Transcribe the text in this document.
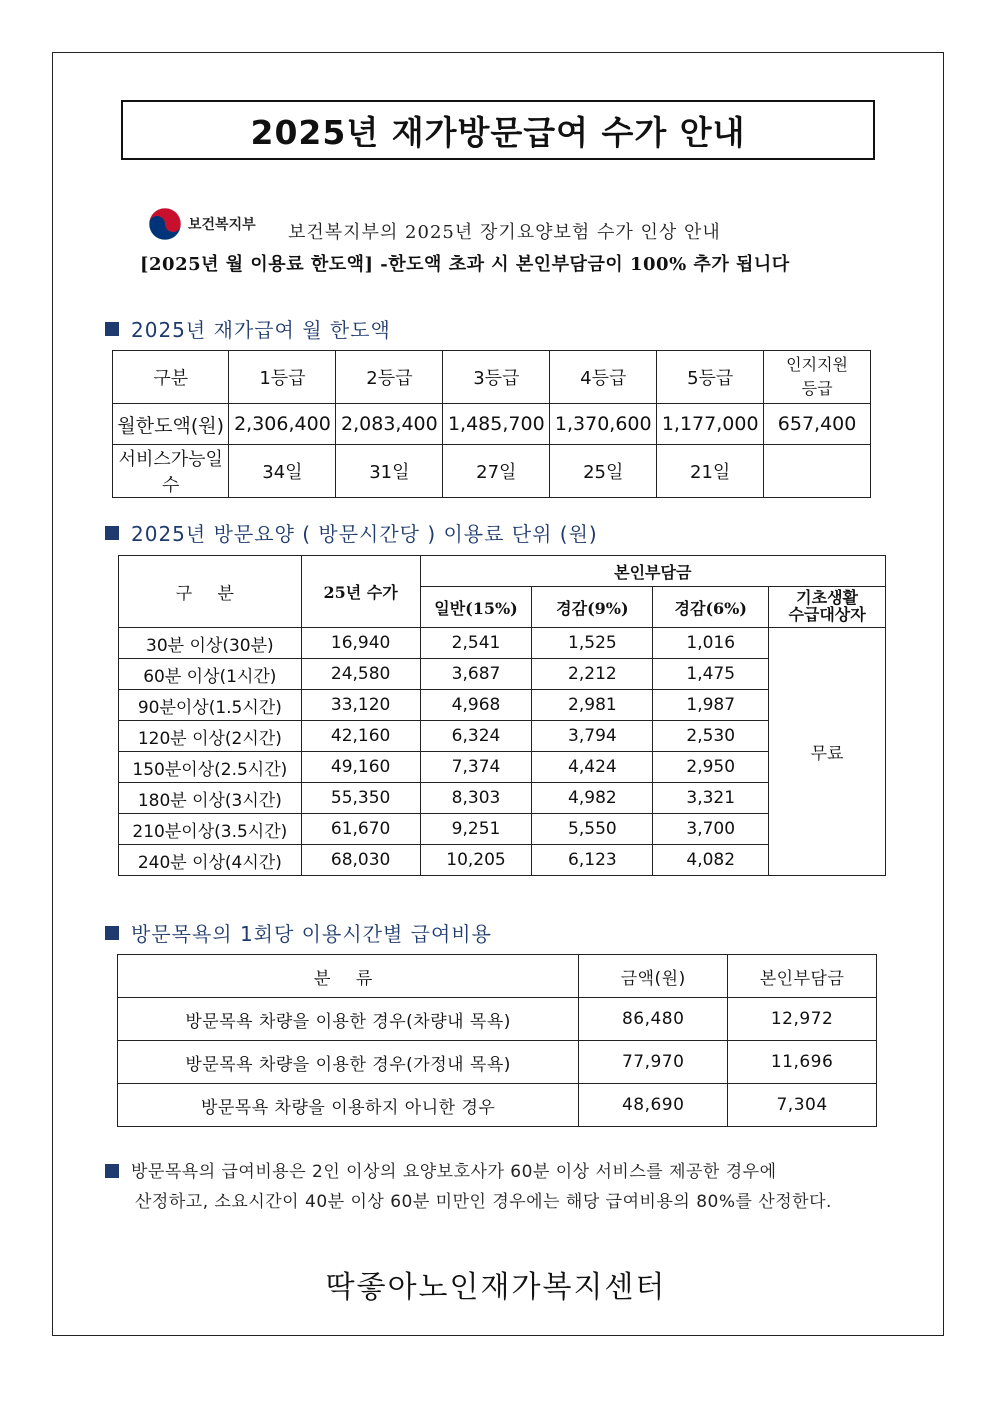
2025년 재가방문급여 수가 안내
보건복지부 보건복지부의 2025년 장기요양보험 수가 인상 안내
[2025년 월 이용료 한도액] -한도액 초과 시 본인부담금이 100% 추가 됩니다
2025년 재가급여 월 한도액
구분	1등급	2등급	3등급	4등급	5등급	인지지원
등급
월한도액(원)	2,306,400	2,083,400	1,485,700	1,370,600	1,177,000	657,400
서비스가능일수	34일	31일	27일	25일	21일	
2025년 방문요양 ( 방문시간당 ) 이용료 단위 (원)
구 분	25년 수가	본인부담금			
		일반(15%)	경감(9%)	경감(6%)	기초생활
수급대상자
30분 이상(30분)	16,940	2,541	1,525	1,016	무료
60분 이상(1시간)	24,580	3,687	2,212	1,475	
90분이상(1.5시간)	33,120	4,968	2,981	1,987	
120분 이상(2시간)	42,160	6,324	3,794	2,530	
150분이상(2.5시간)	49,160	7,374	4,424	2,950	
180분 이상(3시간)	55,350	8,303	4,982	3,321	
210분이상(3.5시간)	61,670	9,251	5,550	3,700	
240분 이상(4시간)	68,030	10,205	6,123	4,082	
방문목욕의 1회당 이용시간별 급여비용
분 류	금액(원)	본인부담금
방문목욕 차량을 이용한 경우(차량내 목욕)	86,480	12,972
방문목욕 차량을 이용한 경우(가정내 목욕)	77,970	11,696
방문목욕 차량을 이용하지 아니한 경우	48,690	7,304
방문목욕의 급여비용은 2인 이상의 요양보호사가 60분 이상 서비스를 제공한 경우에
산정하고, 소요시간이 40분 이상 60분 미만인 경우에는 해당 급여비용의 80%를 산정한다.
딱좋아노인재가복지센터
